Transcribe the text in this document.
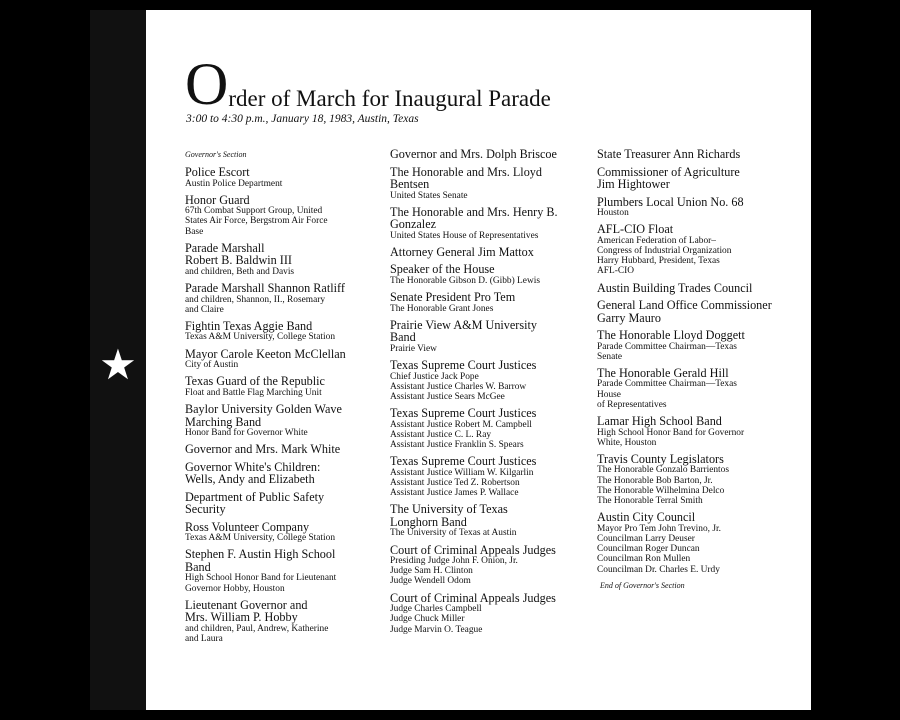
★
Order of March for Inaugural Parade
3:00 to 4:30 p.m., January 18, 1983, Austin, Texas
Governor's Section
Police Escort
Austin Police Department
Honor Guard
67th Combat Support Group, United
States Air Force, Bergstrom Air Force
Base
Parade Marshall
Robert B. Baldwin III
and children, Beth and Davis
Parade Marshall Shannon Ratliff
and children, Shannon, II., Rosemary
and Claire
Fightin Texas Aggie Band
Texas A&M University, College Station
Mayor Carole Keeton McClellan
City of Austin
Texas Guard of the Republic
Float and Battle Flag Marching Unit
Baylor University Golden Wave
Marching Band
Honor Band for Governor White
Governor and Mrs. Mark White
Governor White's Children:
Wells, Andy and Elizabeth
Department of Public Safety
Security
Ross Volunteer Company
Texas A&M University, College Station
Stephen F. Austin High School
Band
High School Honor Band for Lieutenant
Governor Hobby, Houston
Lieutenant Governor and
Mrs. William P. Hobby
and children, Paul, Andrew, Katherine
and Laura
Governor and Mrs. Dolph Briscoe
The Honorable and Mrs. Lloyd
Bentsen
United States Senate
The Honorable and Mrs. Henry B.
Gonzalez
United States House of Representatives
Attorney General Jim Mattox
Speaker of the House
The Honorable Gibson D. (Gibb) Lewis
Senate President Pro Tem
The Honorable Grant Jones
Prairie View A&M University
Band
Prairie View
Texas Supreme Court Justices
Chief Justice Jack Pope
Assistant Justice Charles W. Barrow
Assistant Justice Sears McGee
Texas Supreme Court Justices
Assistant Justice Robert M. Campbell
Assistant Justice C. L. Ray
Assistant Justice Franklin S. Spears
Texas Supreme Court Justices
Assistant Justice William W. Kilgarlin
Assistant Justice Ted Z. Robertson
Assistant Justice James P. Wallace
The University of Texas
Longhorn Band
The University of Texas at Austin
Court of Criminal Appeals Judges
Presiding Judge John F. Onion, Jr.
Judge Sam H. Clinton
Judge Wendell Odom
Court of Criminal Appeals Judges
Judge Charles Campbell
Judge Chuck Miller
Judge Marvin O. Teague
State Treasurer Ann Richards
Commissioner of Agriculture
Jim Hightower
Plumbers Local Union No. 68
Houston
AFL-CIO Float
American Federation of Labor–
Congress of Industrial Organization
Harry Hubbard, President, Texas
AFL-CIO
Austin Building Trades Council
General Land Office Commissioner
Garry Mauro
The Honorable Lloyd Doggett
Parade Committee Chairman—Texas
Senate
The Honorable Gerald Hill
Parade Committee Chairman—Texas
House
of Representatives
Lamar High School Band
High School Honor Band for Governor
White, Houston
Travis County Legislators
The Honorable Gonzalo Barrientos
The Honorable Bob Barton, Jr.
The Honorable Wilhelmina Delco
The Honorable Terral Smith
Austin City Council
Mayor Pro Tem John Trevino, Jr.
Councilman Larry Deuser
Councilman Roger Duncan
Councilman Ron Mullen
Councilman Dr. Charles E. Urdy
End of Governor's Section
